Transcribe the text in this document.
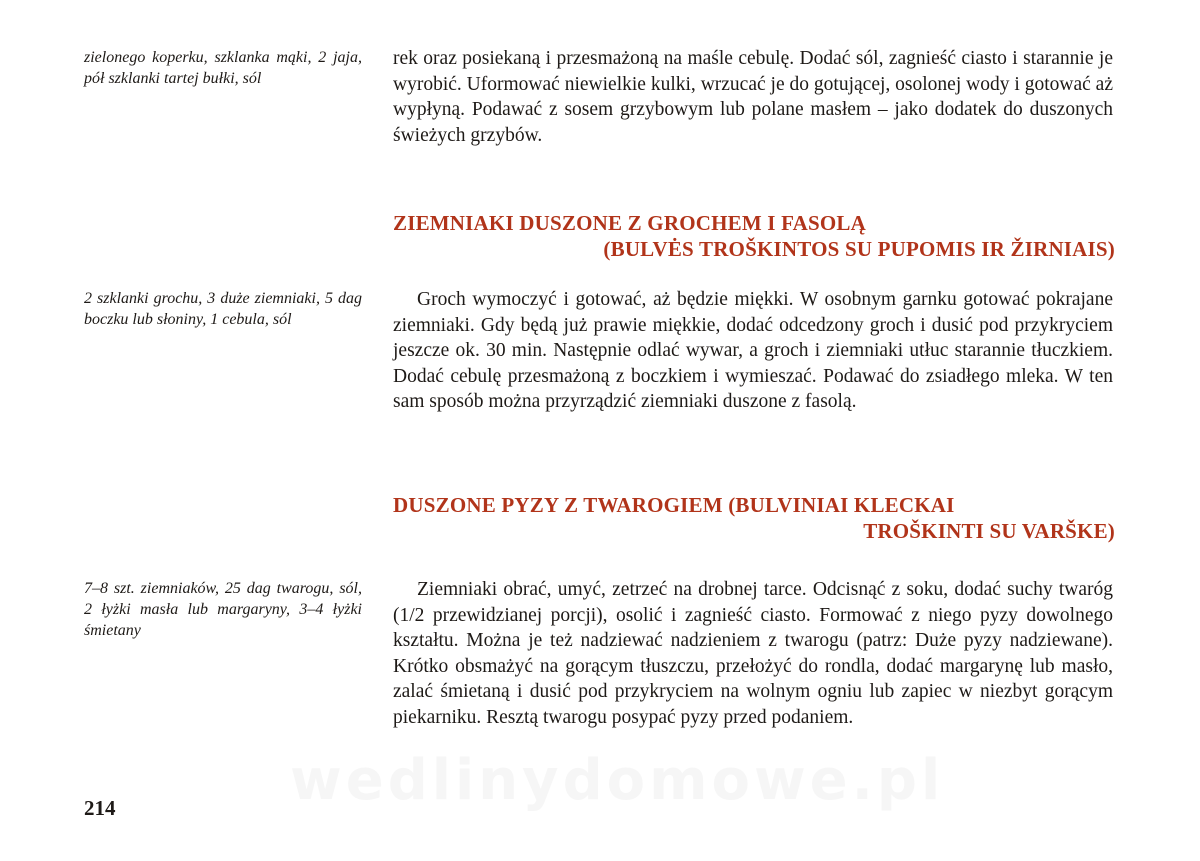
zielonego koperku, szklanka mąki, 2 jaja, pół szklanki tartej bułki, sól

rek oraz posiekaną i przesmażoną na maśle cebulę. Dodać sól, zagnieść ciasto i starannie je wyrobić. Uformować niewielkie kulki, wrzucać je do gotującej, osolonej wody i gotować aż wypłyną. Podawać z sosem grzybowym lub polane masłem – jako dodatek do duszonych świeżych grzybów.

ZIEMNIAKI DUSZONE Z GROCHEM I FASOLĄ
(BULVĖS TROŠKINTOS SU PUPOMIS IR ŽIRNIAIS)
2 szklanki grochu, 3 duże ziemniaki, 5 dag boczku lub słoniny, 1 cebula, sól

Groch wymoczyć i gotować, aż będzie miękki. W osobnym garnku gotować pokrajane ziemniaki. Gdy będą już prawie miękkie, dodać odcedzony groch i dusić pod przykryciem jeszcze ok. 30 min. Następnie odlać wywar, a groch i ziemniaki utłuc starannie tłuczkiem. Dodać cebulę przesmażoną z boczkiem i wymieszać. Podawać do zsiadłego mleka. W ten sam sposób można przyrządzić ziemniaki duszone z fasolą.

DUSZONE PYZY Z TWAROGIEM (BULVINIAI KLECKAI
TROŠKINTI SU VARŠKE)
7–8 szt. ziemniaków, 25 dag twarogu, sól, 2 łyżki masła lub margaryny, 3–4 łyżki śmietany

Ziemniaki obrać, umyć, zetrzeć na drobnej tarce. Odcisnąć z soku, dodać suchy twaróg (1/2 przewidzianej porcji), osolić i zagnieść ciasto. Formować z niego pyzy dowolnego kształtu. Można je też nadziewać nadzieniem z twarogu (patrz: Duże pyzy nadziewane). Krótko obsmażyć na gorącym tłuszczu, przełożyć do rondla, dodać margarynę lub masło, zalać śmietaną i dusić pod przykryciem na wolnym ogniu lub zapiec w niezbyt gorącym piekarniku. Resztą twarogu posypać pyzy przed podaniem.

wedlinydomowe.pl
214
